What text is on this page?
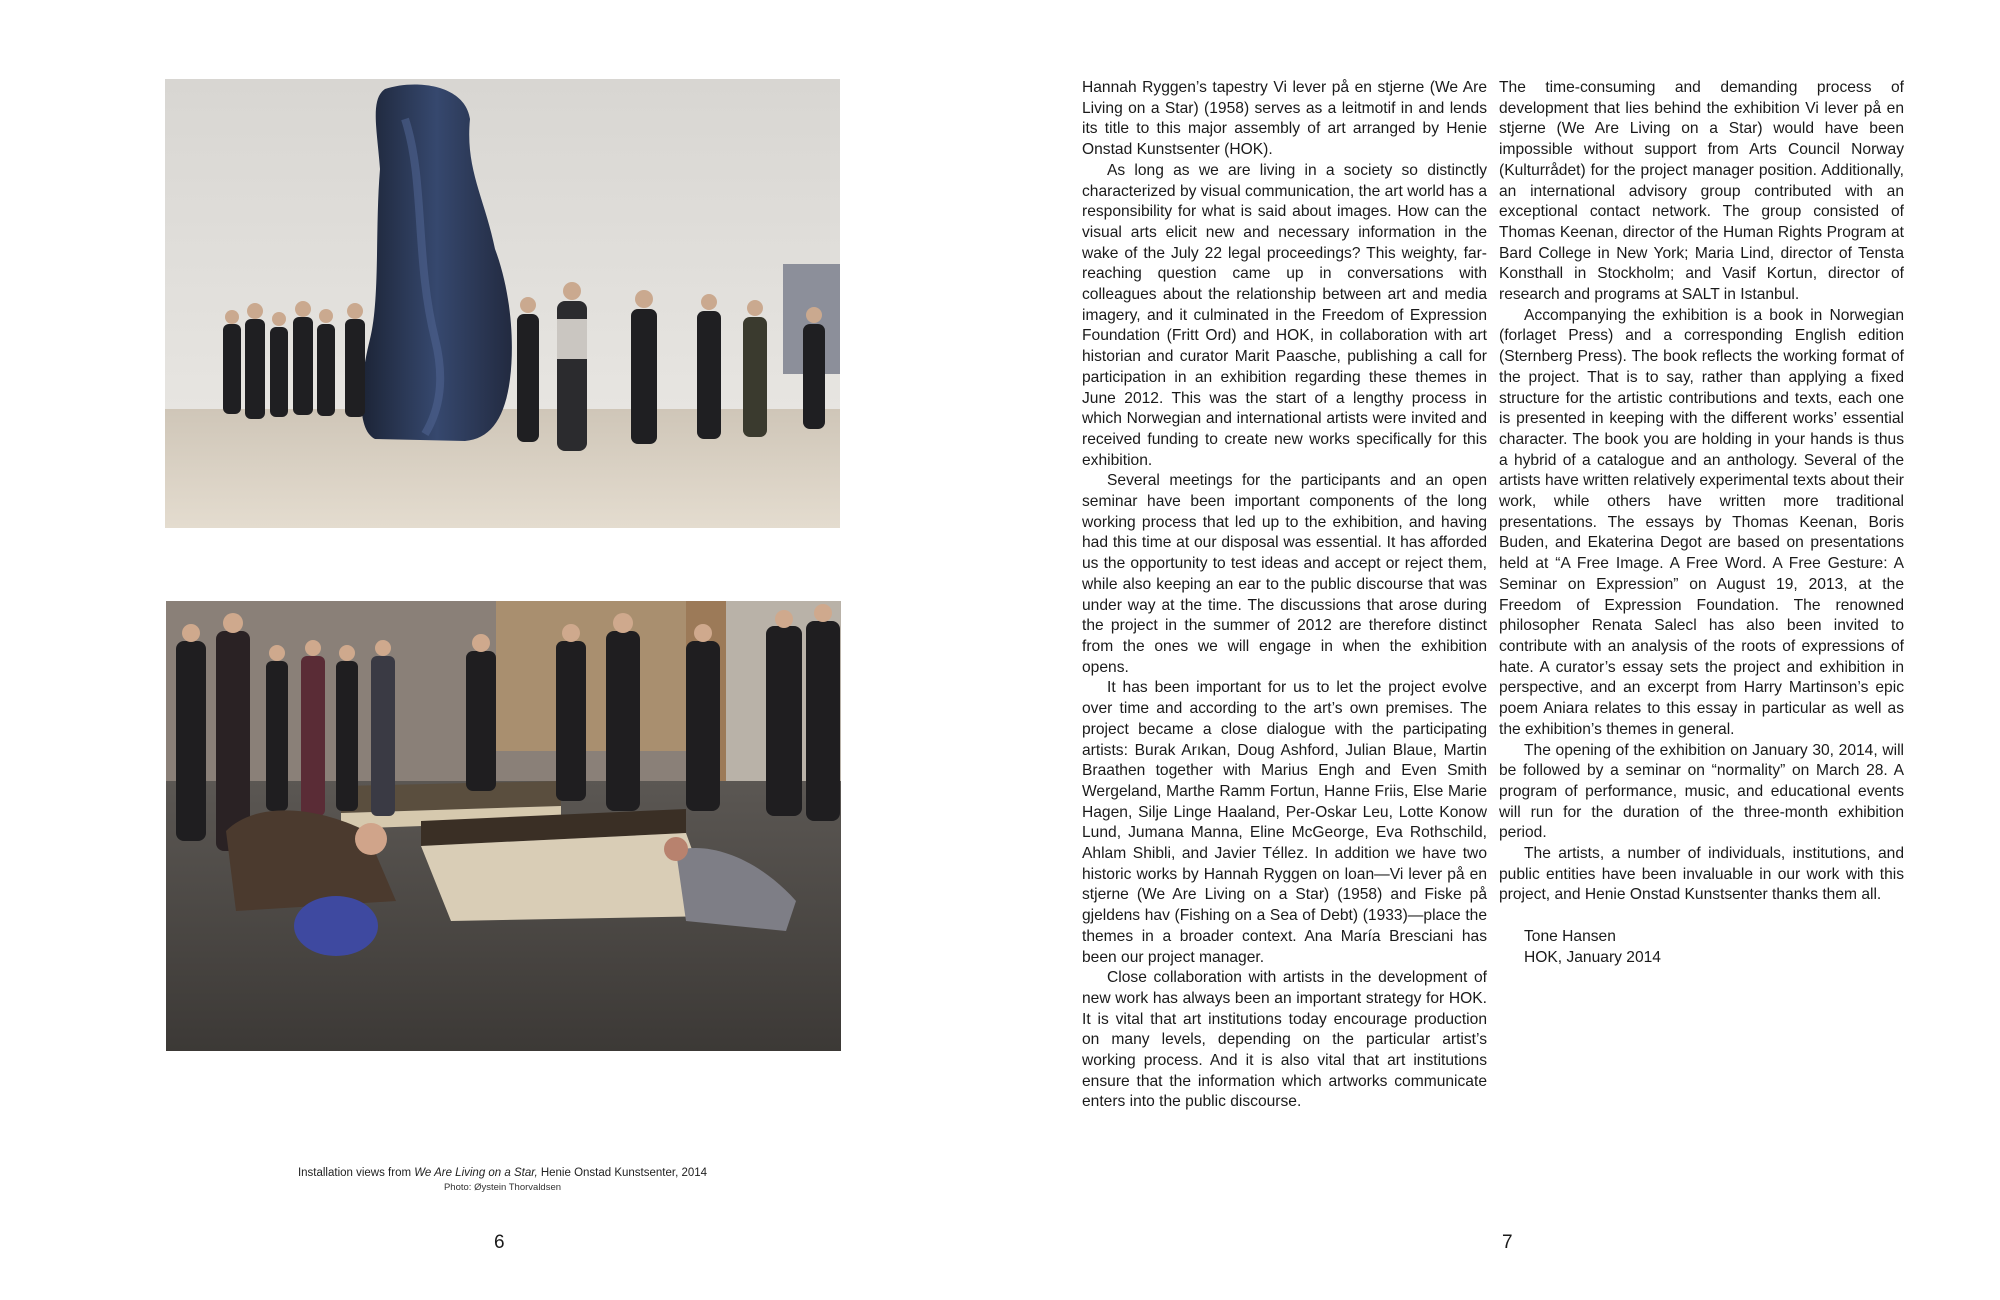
Installation views from We Are Living on a Star, Henie Onstad Kunstsenter, 2014
Photo: Øystein Thorvaldsen
6

Hannah Ryggen’s tapestry Vi lever på en stjerne (We Are Living on a Star) (1958) serves as a leitmotif in and lends its title to this major assembly of art arranged by Henie Onstad Kunstsenter (HOK).

As long as we are living in a society so distinctly characterized by visual communication, the art world has a responsibility for what is said about images. How can the visual arts elicit new and necessary information in the wake of the July 22 legal proceedings? This weighty, far-reaching question came up in conversations with colleagues about the relationship between art and media imagery, and it culminated in the Freedom of Expression Foundation (Fritt Ord) and HOK, in collaboration with art historian and curator Marit Paasche, publishing a call for participation in an exhibition regarding these themes in June 2012. This was the start of a lengthy process in which Norwegian and international artists were invited and received funding to create new works specifically for this exhibition.

Several meetings for the participants and an open seminar have been important components of the long working process that led up to the exhibition, and having had this time at our disposal was essential. It has afforded us the opportunity to test ideas and accept or reject them, while also keeping an ear to the public discourse that was under way at the time. The discussions that arose during the project in the summer of 2012 are therefore distinct from the ones we will engage in when the exhibition opens.

It has been important for us to let the project evolve over time and according to the art’s own premises. The project became a close dialogue with the participating artists: Burak Arıkan, Doug Ashford, Julian Blaue, Martin Braathen together with Marius Engh and Even Smith Wergeland, Marthe Ramm Fortun, Hanne Friis, Else Marie Hagen, Silje Linge Haaland, Per-Oskar Leu, Lotte Konow Lund, Jumana Manna, Eline McGeorge, Eva Rothschild, Ahlam Shibli, and Javier Téllez. In addition we have two historic works by Hannah Ryggen on loan—Vi lever på en stjerne (We Are Living on a Star) (1958) and Fiske på gjeldens hav (Fishing on a Sea of Debt) (1933)—place the themes in a broader context. Ana María Bresciani has been our project manager.

Close collaboration with artists in the development of new work has always been an important strategy for HOK. It is vital that art institutions today encourage production on many levels, depending on the particular artist’s working process. And it is also vital that art institutions ensure that the information which artworks communicate enters into the public discourse.

The time-consuming and demanding process of development that lies behind the exhibition Vi lever på en stjerne (We Are Living on a Star) would have been impossible without support from Arts Council Norway (Kulturrådet) for the project manager position. Additionally, an international advisory group contributed with an exceptional contact network. The group consisted of Thomas Keenan, director of the Human Rights Program at Bard College in New York; Maria Lind, director of Tensta Konsthall in Stockholm; and Vasif Kortun, director of research and programs at SALT in Istanbul.

Accompanying the exhibition is a book in Norwegian (forlaget Press) and a corresponding English edition (Sternberg Press). The book reflects the working format of the project. That is to say, rather than applying a fixed structure for the artistic contributions and texts, each one is presented in keeping with the different works’ essential character. The book you are holding in your hands is thus a hybrid of a catalogue and an anthology. Several of the artists have written relatively experimental texts about their work, while others have written more traditional presentations. The essays by Thomas Keenan, Boris Buden, and Ekaterina Degot are based on presentations held at “A Free Image. A Free Word. A Free Gesture: A Seminar on Expression” on August 19, 2013, at the Freedom of Expression Foundation. The renowned philosopher Renata Salecl has also been invited to contribute with an analysis of the roots of expressions of hate. A curator’s essay sets the project and exhibition in perspective, and an excerpt from Harry Martinson’s epic poem Aniara relates to this essay in particular as well as the exhibition’s themes in general.

The opening of the exhibition on January 30, 2014, will be followed by a seminar on “normality” on March 28. A program of performance, music, and educational events will run for the duration of the three-month exhibition period.

The artists, a number of individuals, institutions, and public entities have been invaluable in our work with this project, and Henie Onstad Kunstsenter thanks them all.

Tone Hansen
HOK, January 2014
7
